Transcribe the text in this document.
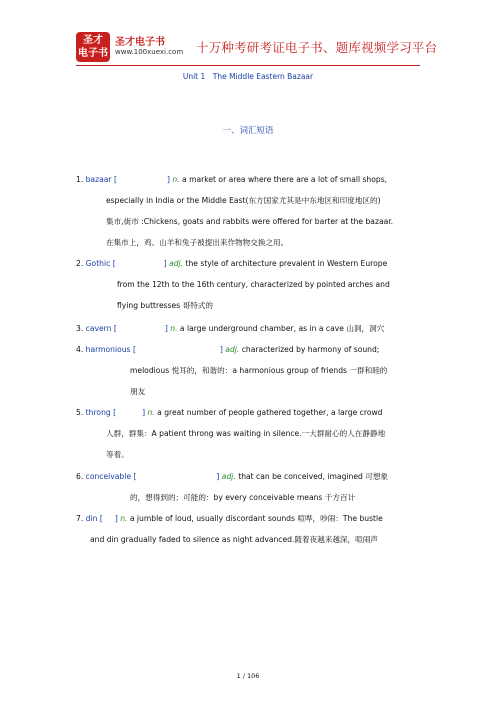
圣才
电子书
圣才电子书
www.100xuexi.com 十万种考研考证电子书、题库视频学习平台
Unit 1　The Middle Eastern Bazaar
一、词汇短语
1. bazaar [	] n. a market or area where there are a lot of small shops,
especially in India or the Middle East(东方国家尤其是中东地区和印度地区的)
集市,街市 :Chickens, goats and rabbits were offered for barter at the bazaar.
在集市上，鸡、山羊和兔子被提出来作物物交换之用。
2. Gothic [	] adj. the style of architecture prevalent in Western Europe
from the 12th to the 16th century, characterized by pointed arches and
flying buttresses 哥特式的
3. cavern [	] n. a large underground chamber, as in a cave 山洞，洞穴
4. harmonious [	] adj. characterized by harmony of sound;
melodious 悦耳的，和谐的：a harmonious group of friends 一群和睦的
朋友
5. throng [	] n. a great number of people gathered together, a large crowd
人群，群集：A patient throng was waiting in silence.一大群耐心的人在静静地
等着。
6. conceivable [	] adj. that can be conceived, imagined 可想象
的，想得到的；可能的：by every conceivable means 千方百计
7. din [ ] n. a jumble of loud, usually discordant sounds 喧哗，吵闹：The bustle
and din gradually faded to silence as night advanced.随着夜越来越深，喧闹声
1 / 106
